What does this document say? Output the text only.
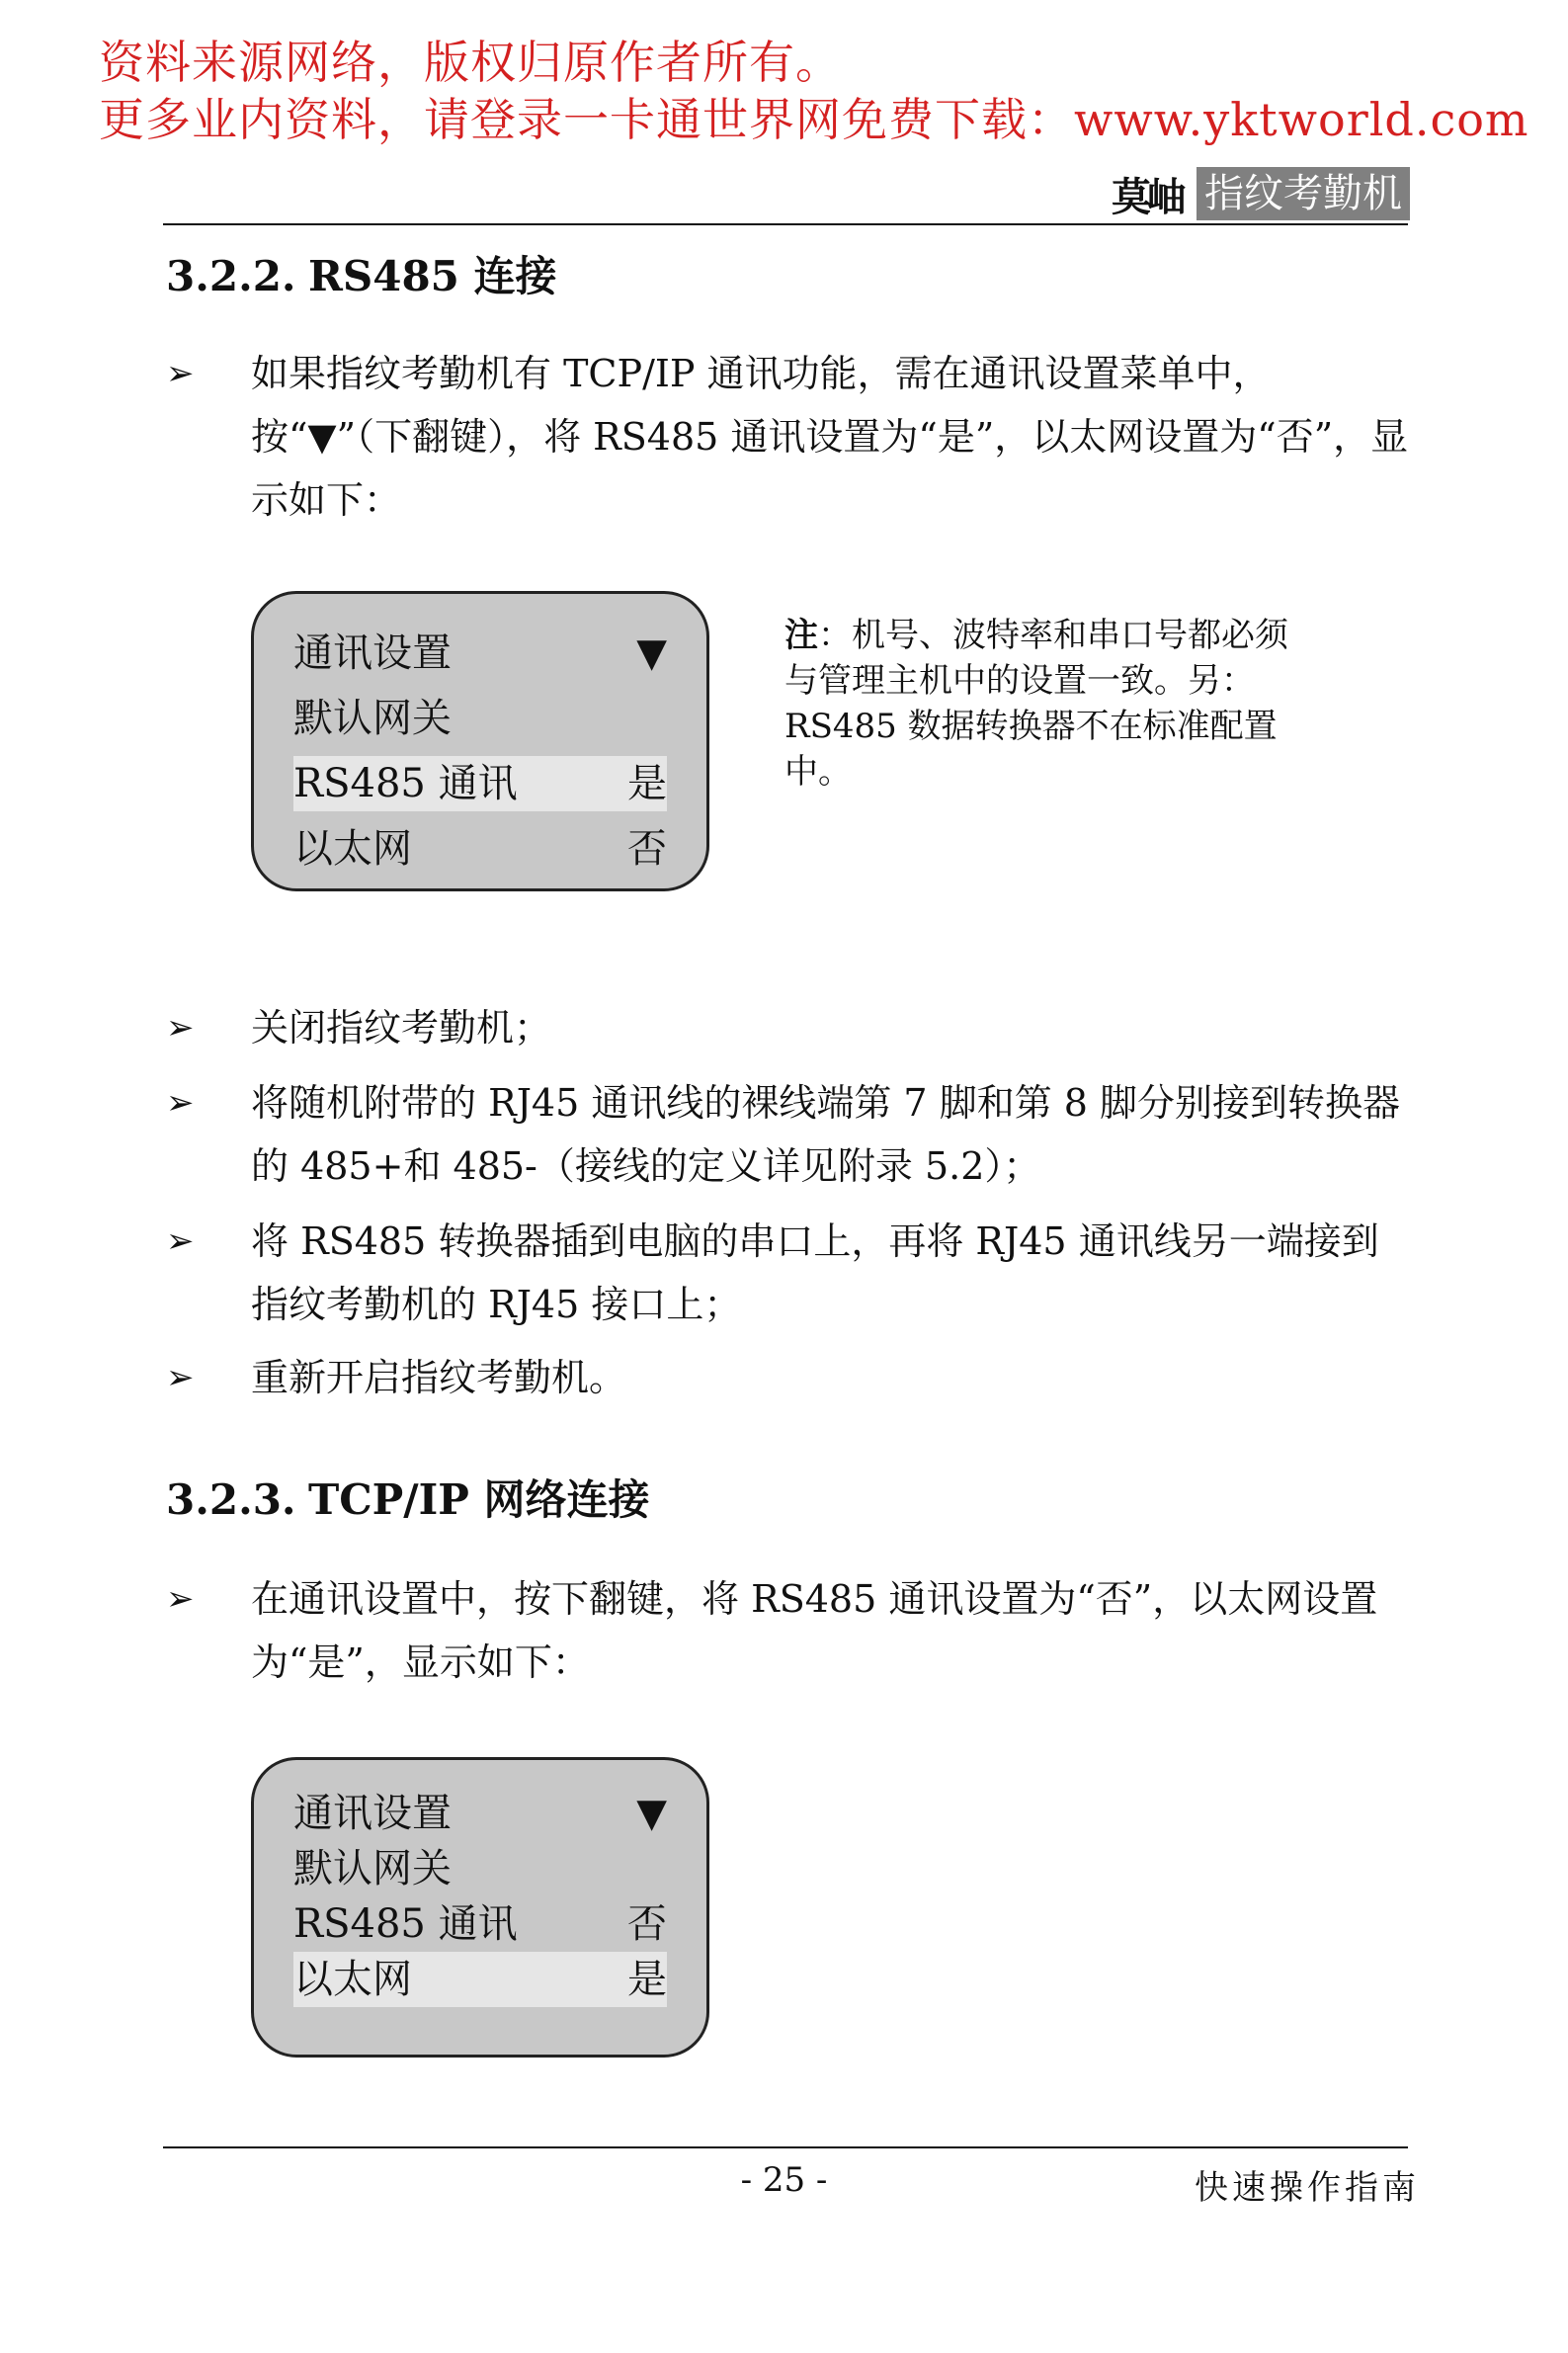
资料来源网络，版权归原作者所有。
更多业内资料，请登录一卡通世界网免费下载：www.yktworld.com
莫岫 指纹考勤机
3.2.2. RS485 连接
➢ 如果指纹考勤机有 TCP/IP 通讯功能，需在通讯设置菜单中，按“▼”（下翻键），将 RS485 通讯设置为“是”，以太网设置为“否”，显示如下：
通讯设置	▼
默认网关
RS485 通讯	是
以太网	否
注：机号、波特率和串口号都必须与管理主机中的设置一致。另：RS485 数据转换器不在标准配置中。
➢ 关闭指纹考勤机；
➢ 将随机附带的 RJ45 通讯线的裸线端第 7 脚和第 8 脚分别接到转换器的 485+和 485-（接线的定义详见附录 5.2）；
➢ 将 RS485 转换器插到电脑的串口上，再将 RJ45 通讯线另一端接到指纹考勤机的 RJ45 接口上；
➢ 重新开启指纹考勤机。
3.2.3. TCP/IP 网络连接
➢ 在通讯设置中，按下翻键，将 RS485 通讯设置为“否”，以太网设置为“是”，显示如下：
通讯设置	▼
默认网关
RS485 通讯	否
以太网	是
- 25 -	快速操作指南
